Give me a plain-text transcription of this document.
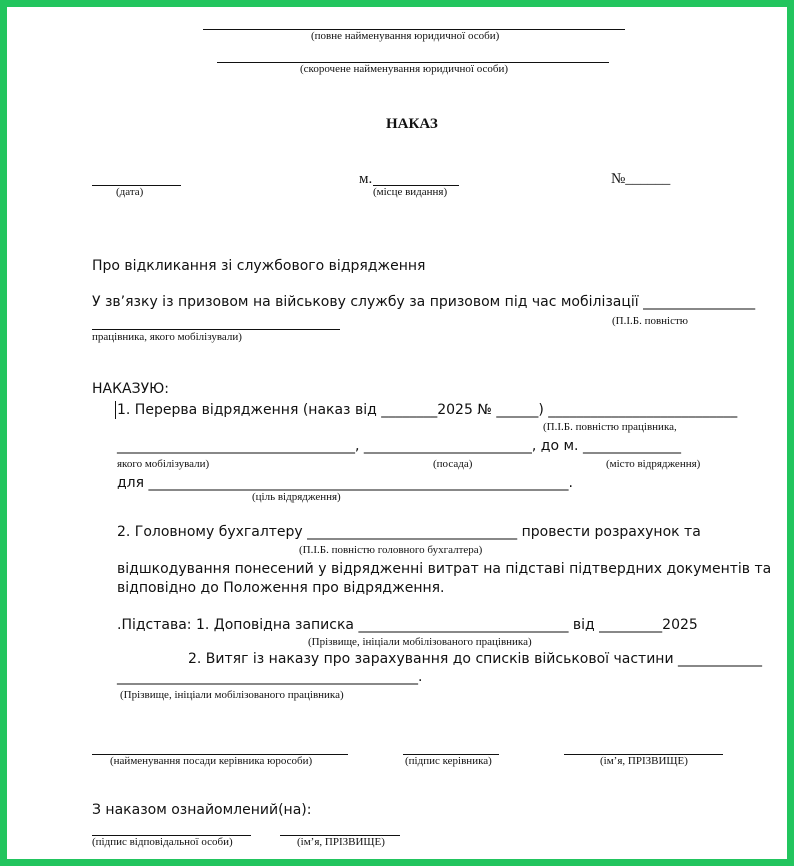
(повне найменування юридичної особи)
(скорочене найменування юридичної особи)
НАКАЗ
(дата)
м.
(місце видання)
№______
Про відкликання зі службового відрядження
У зв’язку із призовом на військову службу за призовом під час мобілізації ________________
(П.І.Б. повністю
працівника, якого мобілізували)
НАКАЗУЮ:
1. Перерва відрядження (наказ від ________2025 № ______) ___________________________
(П.І.Б. повністю працівника,
__________________________________, ________________________, до м. ______________
якого мобілізували)	(посада)	(місто відрядження)
для ____________________________________________________________.
(ціль відрядження)
2. Головному бухгалтеру ______________________________ провести розрахунок та
(П.І.Б. повністю головного бухгалтера)
відшкодування понесений у відрядженні витрат на підставі підтвердних документів та
відповідно до Положення про відрядження.
.Підстава: 1. Доповідна записка ______________________________ від _________2025
(Прізвище, ініціали мобілізованого працівника)
2. Витяг із наказу про зарахування до списків військової частини ____________
___________________________________________.
(Прізвище, ініціали мобілізованого працівника)
(найменування посади керівника юрособи)	(підпис керівника)	(ім’я, ПРІЗВИЩЕ)
З наказом ознайомлений(на):
(підпис відповідальної особи)	(ім’я, ПРІЗВИЩЕ)
